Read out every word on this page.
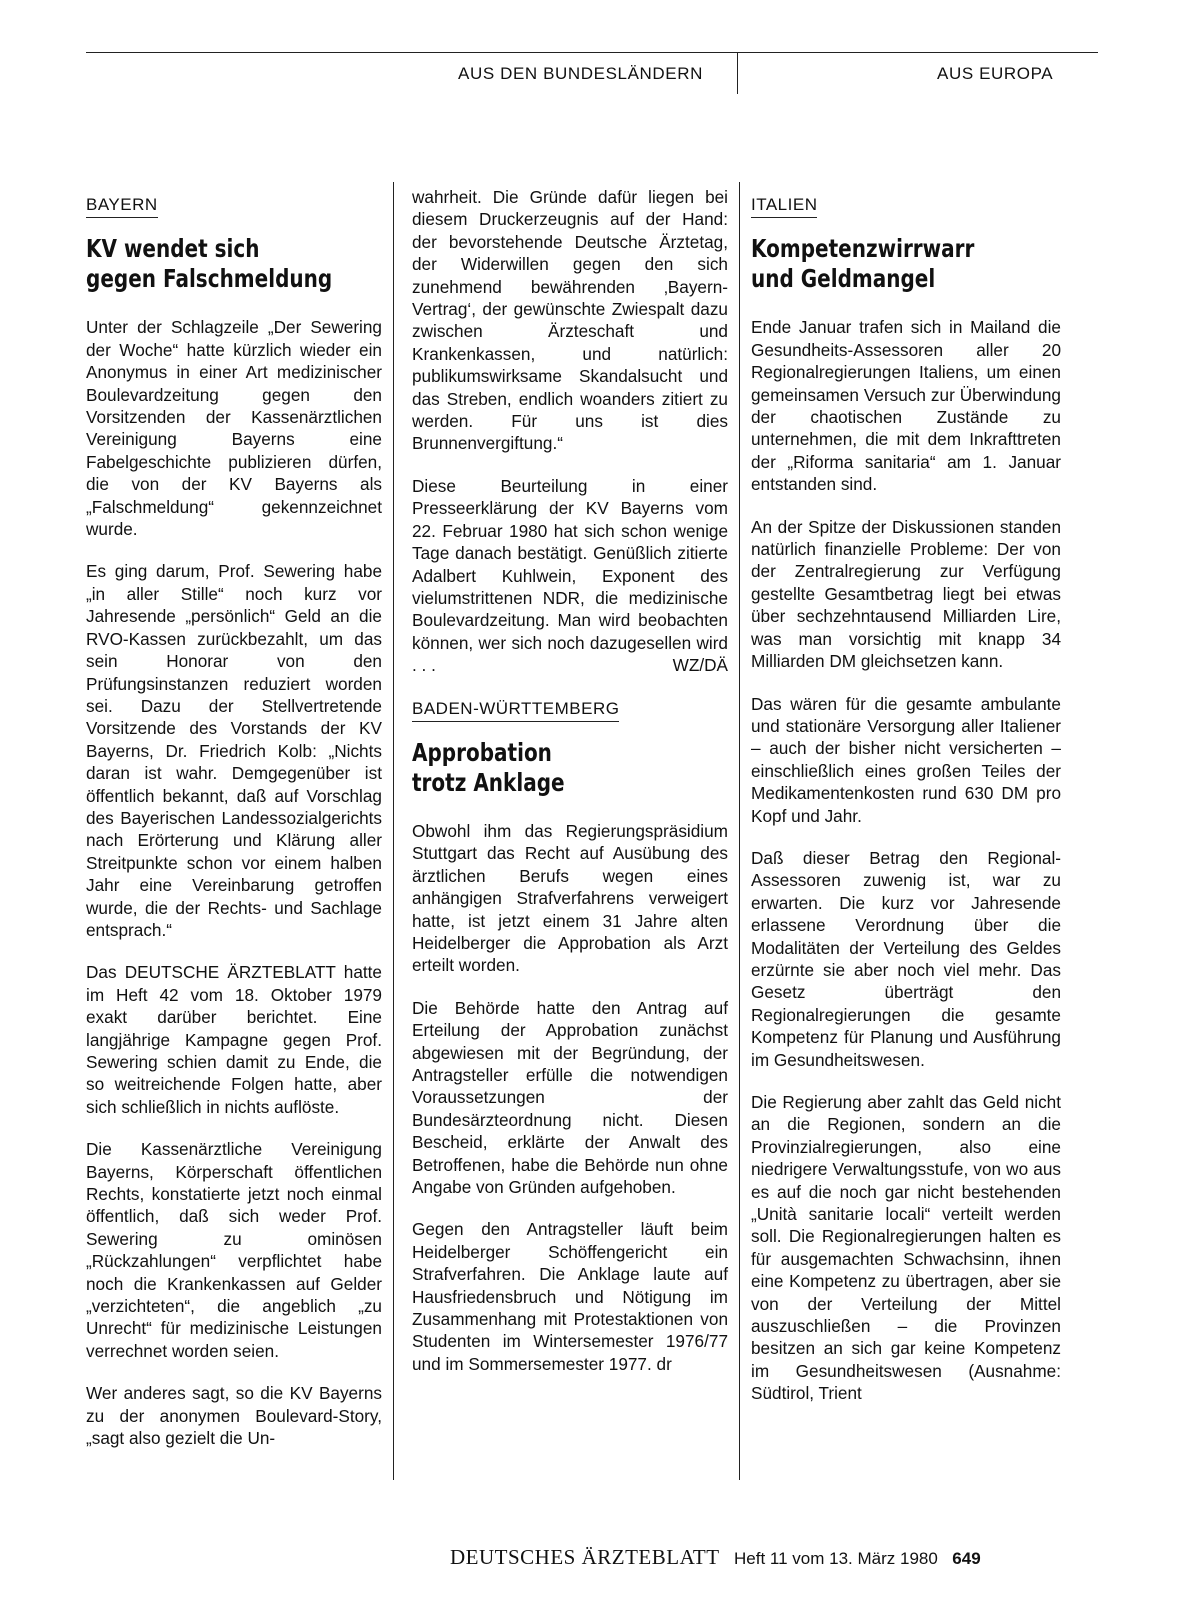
AUS DEN BUNDESLÄNDERN	AUS EUROPA
BAYERN
KV wendet sich
gegen Falschmeldung

Unter der Schlagzeile „Der Sewering der Woche“ hatte kürzlich wieder ein Anonymus in einer Art medizinischer Boulevardzeitung gegen den Vorsitzenden der Kassenärztlichen Vereinigung Bayerns eine Fabelgeschichte publizieren dürfen, die von der KV Bayerns als „Falschmeldung“ gekennzeichnet wurde.

Es ging darum, Prof. Sewering habe „in aller Stille“ noch kurz vor Jahresende „persönlich“ Geld an die RVO-Kassen zurückbezahlt, um das sein Honorar von den Prüfungsinstanzen reduziert worden sei. Dazu der Stellvertretende Vorsitzende des Vorstands der KV Bayerns, Dr. Friedrich Kolb: „Nichts daran ist wahr. Demgegenüber ist öffentlich bekannt, daß auf Vorschlag des Bayerischen Landessozialgerichts nach Erörterung und Klärung aller Streitpunkte schon vor einem halben Jahr eine Vereinbarung getroffen wurde, die der Rechts- und Sachlage entsprach.“

Das DEUTSCHE ÄRZTEBLATT hatte im Heft 42 vom 18. Oktober 1979 exakt darüber berichtet. Eine langjährige Kampagne gegen Prof. Sewering schien damit zu Ende, die so weitreichende Folgen hatte, aber sich schließlich in nichts auflöste.

Die Kassenärztliche Vereinigung Bayerns, Körperschaft öffentlichen Rechts, konstatierte jetzt noch einmal öffentlich, daß sich weder Prof. Sewering zu ominösen „Rückzahlungen“ verpflichtet habe noch die Krankenkassen auf Gelder „verzichteten“, die angeblich „zu Unrecht“ für medizinische Leistungen verrechnet worden seien.

Wer anderes sagt, so die KV Bayerns zu der anonymen Boulevard-Story, „sagt also gezielt die Un-

wahrheit. Die Gründe dafür liegen bei diesem Druckerzeugnis auf der Hand: der bevorstehende Deutsche Ärztetag, der Widerwillen gegen den sich zunehmend bewährenden ‚Bayern-Vertrag‘, der gewünschte Zwiespalt dazu zwischen Ärzteschaft und Krankenkassen, und natürlich: publikumswirksame Skandalsucht und das Streben, endlich woanders zitiert zu werden. Für uns ist dies Brunnenvergiftung.“

Diese Beurteilung in einer Presseerklärung der KV Bayerns vom 22. Februar 1980 hat sich schon wenige Tage danach bestätigt. Genüßlich zitierte Adalbert Kuhlwein, Exponent des vielumstrittenen NDR, die medizinische Boulevardzeitung. Man wird beobachten können, wer sich noch dazugesellen wird . . .	WZ/DÄ

BADEN-WÜRTTEMBERG
Approbation
trotz Anklage

Obwohl ihm das Regierungspräsidium Stuttgart das Recht auf Ausübung des ärztlichen Berufs wegen eines anhängigen Strafverfahrens verweigert hatte, ist jetzt einem 31 Jahre alten Heidelberger die Approbation als Arzt erteilt worden.

Die Behörde hatte den Antrag auf Erteilung der Approbation zunächst abgewiesen mit der Begründung, der Antragsteller erfülle die notwendigen Voraussetzungen der Bundesärzteordnung nicht. Diesen Bescheid, erklärte der Anwalt des Betroffenen, habe die Behörde nun ohne Angabe von Gründen aufgehoben.

Gegen den Antragsteller läuft beim Heidelberger Schöffengericht ein Strafverfahren. Die Anklage laute auf Hausfriedensbruch und Nötigung im Zusammenhang mit Protestaktionen von Studenten im Wintersemester 1976/77 und im Sommersemester 1977. dr

ITALIEN
Kompetenzwirrwarr
und Geldmangel

Ende Januar trafen sich in Mailand die Gesundheits-Assessoren aller 20 Regionalregierungen Italiens, um einen gemeinsamen Versuch zur Überwindung der chaotischen Zustände zu unternehmen, die mit dem Inkrafttreten der „Riforma sanitaria“ am 1. Januar entstanden sind.

An der Spitze der Diskussionen standen natürlich finanzielle Probleme: Der von der Zentralregierung zur Verfügung gestellte Gesamtbetrag liegt bei etwas über sechzehntausend Milliarden Lire, was man vorsichtig mit knapp 34 Milliarden DM gleichsetzen kann.

Das wären für die gesamte ambulante und stationäre Versorgung aller Italiener – auch der bisher nicht versicherten – einschließlich eines großen Teiles der Medikamentenkosten rund 630 DM pro Kopf und Jahr.

Daß dieser Betrag den Regional-Assessoren zuwenig ist, war zu erwarten. Die kurz vor Jahresende erlassene Verordnung über die Modalitäten der Verteilung des Geldes erzürnte sie aber noch viel mehr. Das Gesetz überträgt den Regionalregierungen die gesamte Kompetenz für Planung und Ausführung im Gesundheitswesen.

Die Regierung aber zahlt das Geld nicht an die Regionen, sondern an die Provinzialregierungen, also eine niedrigere Verwaltungsstufe, von wo aus es auf die noch gar nicht bestehenden „Unità sanitarie locali“ verteilt werden soll. Die Regionalregierungen halten es für ausgemachten Schwachsinn, ihnen eine Kompetenz zu übertragen, aber sie von der Verteilung der Mittel auszuschließen – die Provinzen besitzen an sich gar keine Kompetenz im Gesundheitswesen (Ausnahme: Südtirol, Trient

DEUTSCHES ÄRZTEBLATT Heft 11 vom 13. März 1980 649
